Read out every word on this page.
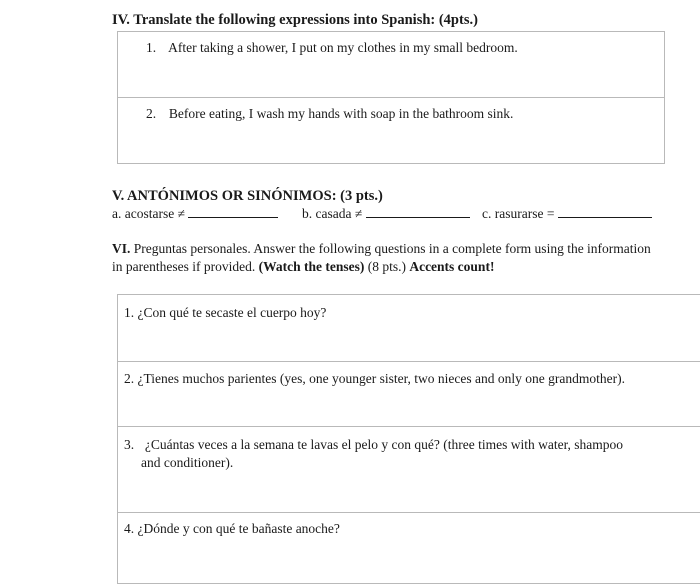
IV. Translate the following expressions into Spanish: (4pts.)
1. After taking a shower, I put on my clothes in my small bedroom.
2. Before eating, I wash my hands with soap in the bathroom sink.
V. ANTÓNIMOS OR SINÓNIMOS: (3 pts.)
a. acostarse ≠	b. casada ≠	c. rasurarse =
VI. Preguntas personales. Answer the following questions in a complete form using the information
in parentheses if provided. (Watch the tenses) (8 pts.) Accents count!
1. ¿Con qué te secaste el cuerpo hoy?
2. ¿Tienes muchos parientes (yes, one younger sister, two nieces and only one grandmother).
3. ¿Cuántas veces a la semana te lavas el pelo y con qué? (three times with water, shampoo
and conditioner).
4. ¿Dónde y con qué te bañaste anoche?
